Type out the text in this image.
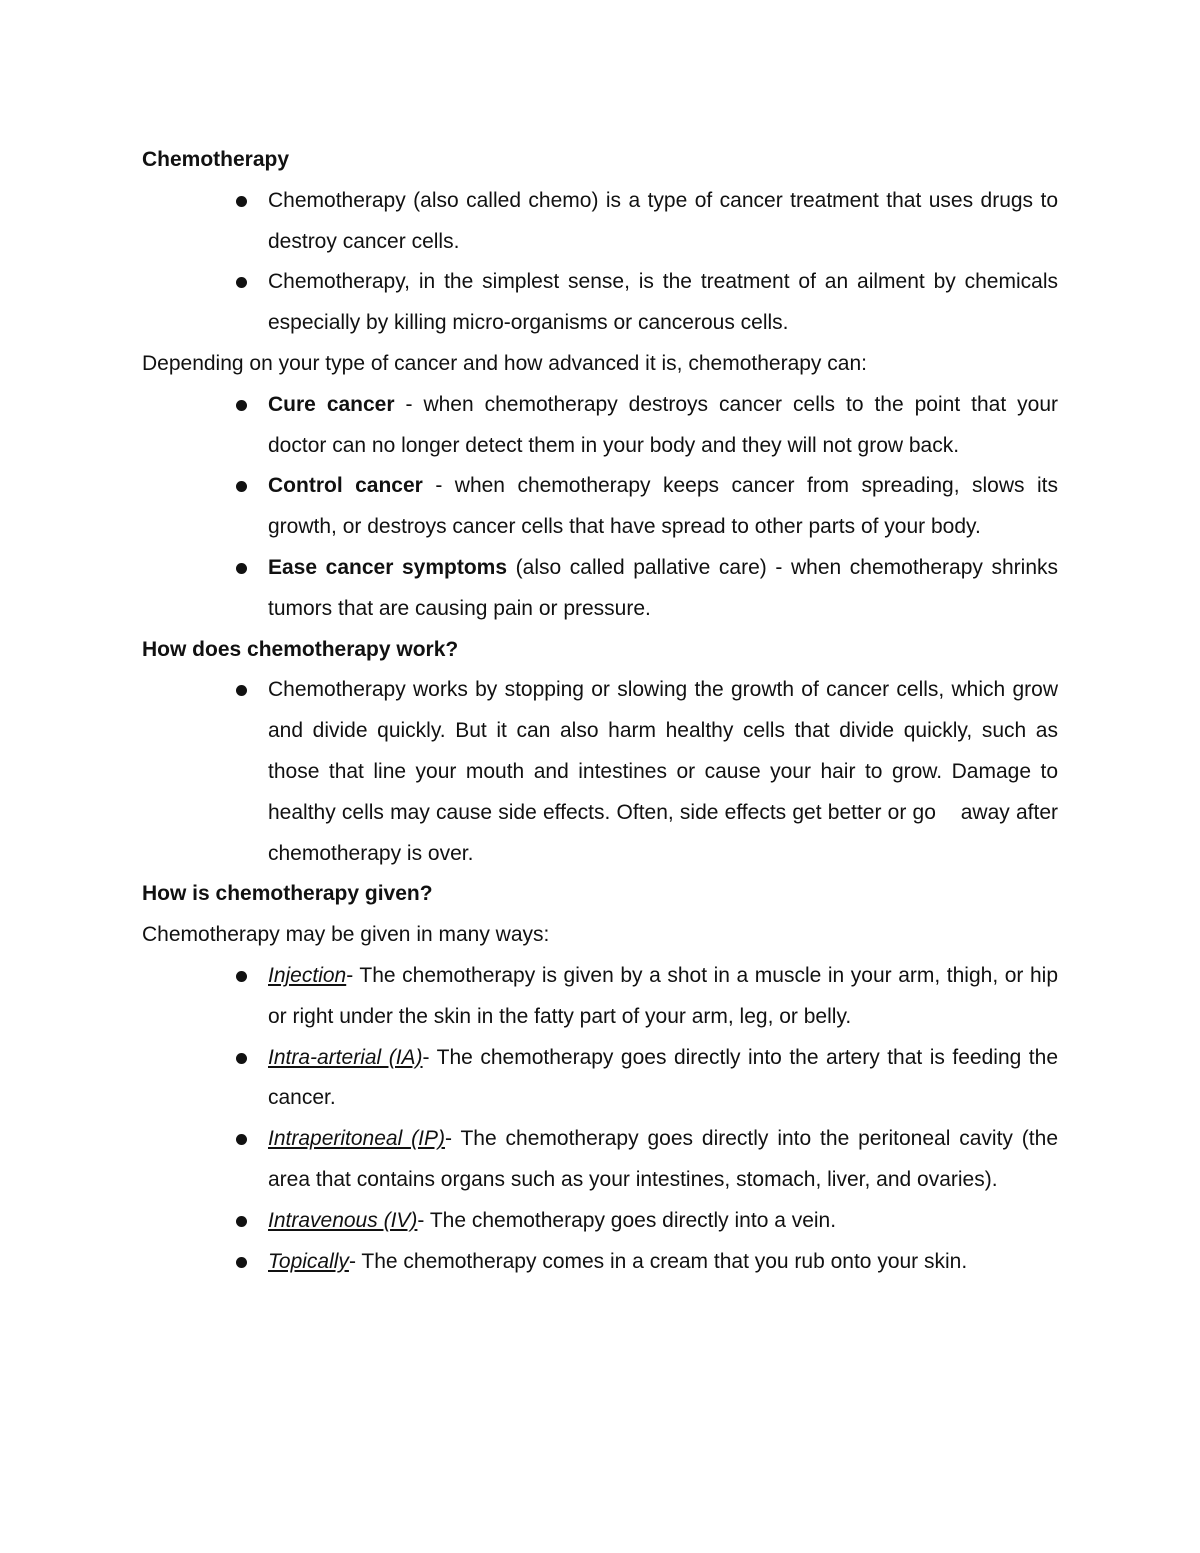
Chemotherapy

Chemotherapy (also called chemo) is a type of cancer treatment that uses drugs to destroy cancer cells.
Chemotherapy, in the simplest sense, is the treatment of an ailment by chemicals especially by killing micro-organisms or cancerous cells.

Depending on your type of cancer and how advanced it is, chemotherapy can:

Cure cancer - when chemotherapy destroys cancer cells to the point that your doctor can no longer detect them in your body and they will not grow back.
Control cancer - when chemotherapy keeps cancer from spreading, slows its growth, or destroys cancer cells that have spread to other parts of your body.
Ease cancer symptoms (also called pallative care) - when chemotherapy shrinks tumors that are causing pain or pressure.

How does chemotherapy work?

Chemotherapy works by stopping or slowing the growth of cancer cells, which grow and divide quickly. But it can also harm healthy cells that divide quickly, such as those that line your mouth and intestines or cause your hair to grow. Damage to healthy cells may cause side effects. Often, side effects get better or go    away after chemotherapy is over.

How is chemotherapy given?

Chemotherapy may be given in many ways:

Injection- The chemotherapy is given by a shot in a muscle in your arm, thigh, or hip or right under the skin in the fatty part of your arm, leg, or belly.
Intra-arterial (IA)- The chemotherapy goes directly into the artery that is feeding the cancer.
Intraperitoneal (IP)- The chemotherapy goes directly into the peritoneal cavity (the area that contains organs such as your intestines, stomach, liver, and ovaries).
Intravenous (IV)- The chemotherapy goes directly into a vein.
Topically- The chemotherapy comes in a cream that you rub onto your skin.
